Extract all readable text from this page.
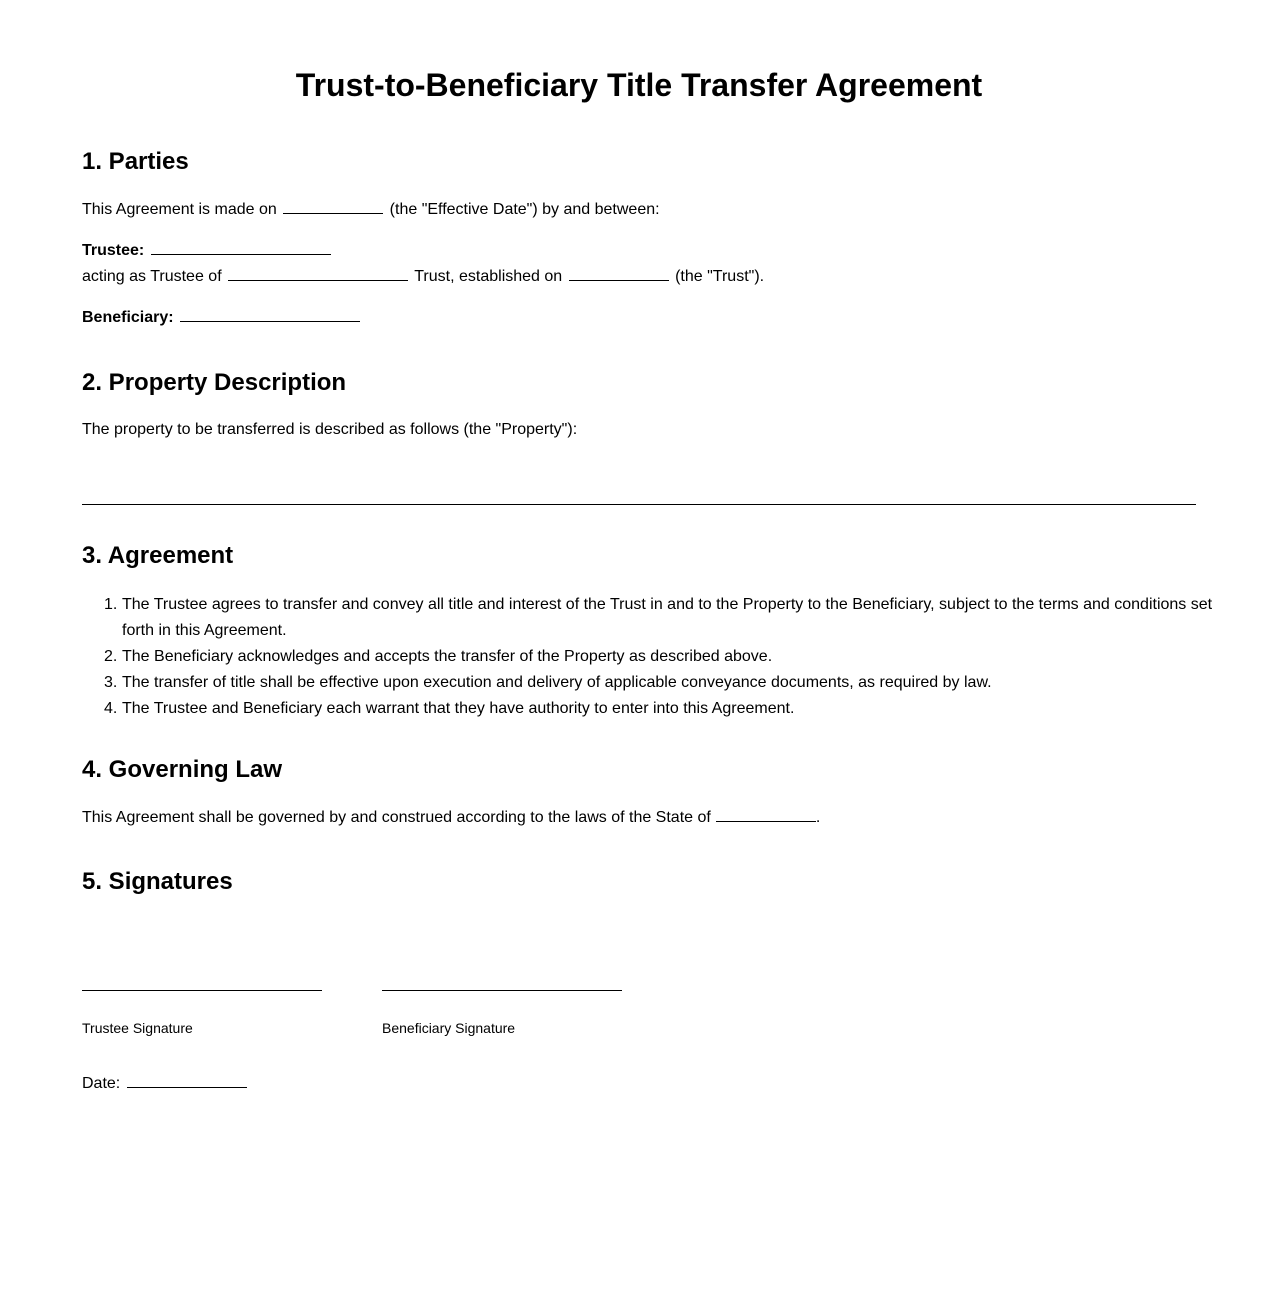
Trust-to-Beneficiary Title Transfer Agreement
1. Parties

This Agreement is made on	(the "Effective Date") by and between:

Trustee:

acting as Trustee of	Trust, established on	(the "Trust").

Beneficiary:

2. Property Description

The property to be transferred is described as follows (the "Property"):

3. Agreement
1. The Trustee agrees to transfer and convey all title and interest of the Trust in and to the Property to the Beneficiary, subject to the terms and conditions set forth in this Agreement.
2. The Beneficiary acknowledges and accepts the transfer of the Property as described above.
3. The transfer of title shall be effective upon execution and delivery of applicable conveyance documents, as required by law.
4. The Trustee and Beneficiary each warrant that they have authority to enter into this Agreement.
4. Governing Law

This Agreement shall be governed by and construed according to the laws of the State of	.

5. Signatures
Trustee Signature	Beneficiary Signature

Date:
